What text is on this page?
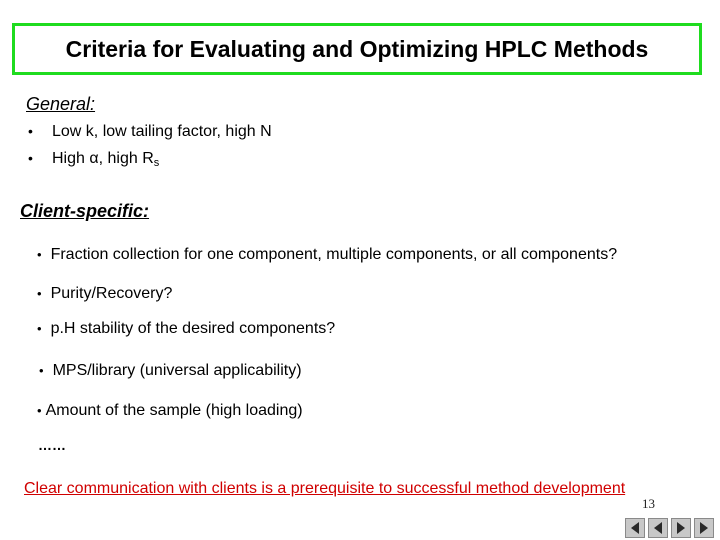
Criteria for Evaluating and Optimizing HPLC Methods
General:
• Low k, low tailing factor, high N
• High α, high $R_s$
Client-specific:
• Fraction collection for one component, multiple components, or all components?
• Purity/Recovery?
• p.H stability of the desired components?
• MPS/library (universal applicability)
• Amount of the sample (high loading)
……
Clear communication with clients is a prerequisite to successful method development
13
